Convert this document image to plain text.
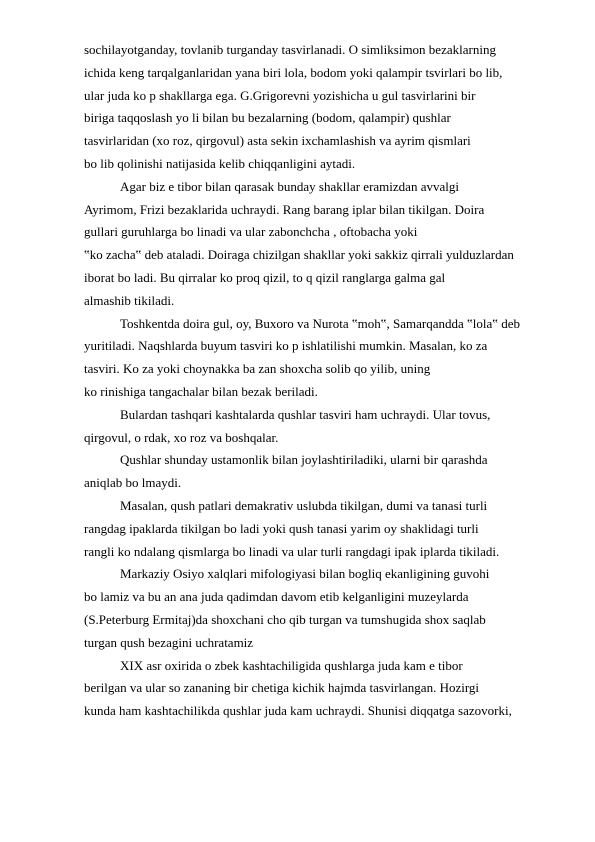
sochilayotganday, tovlanib turganday tasvirlanadi. O simliksimon bezaklarning
ichida keng tarqalganlaridan yana biri lola, bodom yoki qalampir tsvirlari bo lib,
ular juda ko p shakllarga ega. G.Grigorevni yozishicha u gul tasvirlarini bir
biriga taqqoslash yo li bilan bu bezalarning (bodom, qalampir) qushlar
tasvirlaridan (xo roz, qirgovul) asta sekin ixchamlashish va ayrim qismlari
bo lib qolinishi natijasida kelib chiqqanligini aytadi.
Agar biz e tibor bilan qarasak bunday shakllar eramizdan avvalgi
Ayrimom, Frizi bezaklarida uchraydi. Rang barang iplar bilan tikilgan. Doira
gullari guruhlarga bo linadi va ular zabonchcha , oftobacha yoki
‟ko zacha‟ deb ataladi. Doiraga chizilgan shakllar yoki sakkiz qirrali yulduzlardan
iborat bo ladi. Bu qirralar ko proq qizil, to q qizil ranglarga galma gal
almashib tikiladi.
Toshkentda doira gul, oy, Buxoro va Nurota ‟moh‟, Samarqandda ‟lola‟ deb
yuritiladi. Naqshlarda buyum tasviri ko p ishlatilishi mumkin. Masalan, ko za
tasviri. Ko za yoki choynakka ba zan shoxcha solib qo yilib, uning
ko rinishiga tangachalar bilan bezak beriladi.
Bulardan tashqari kashtalarda qushlar tasviri ham uchraydi. Ular tovus,
qirgovul, o rdak, xo roz va boshqalar.
Qushlar shunday ustamonlik bilan joylashtiriladiki, ularni bir qarashda
aniqlab bo lmaydi.
Masalan, qush patlari demakrativ uslubda tikilgan, dumi va tanasi turli
rangdag ipaklarda tikilgan bo ladi yoki qush tanasi yarim oy shaklidagi turli
rangli ko ndalang qismlarga bo linadi va ular turli rangdagi ipak iplarda tikiladi.
Markaziy Osiyo xalqlari mifologiyasi bilan bogliq ekanligining guvohi
bo lamiz va bu an ana juda qadimdan davom etib kelganligini muzeylarda
(S.Peterburg Ermitaj)da shoxchani cho qib turgan va tumshugida shox saqlab
turgan qush bezagini uchratamiz
XIX asr oxirida o zbek kashtachiligida qushlarga juda kam e tibor
berilgan va ular so zananing bir chetiga kichik hajmda tasvirlangan. Hozirgi
kunda ham kashtachilikda qushlar juda kam uchraydi. Shunisi diqqatga sazovorki,
